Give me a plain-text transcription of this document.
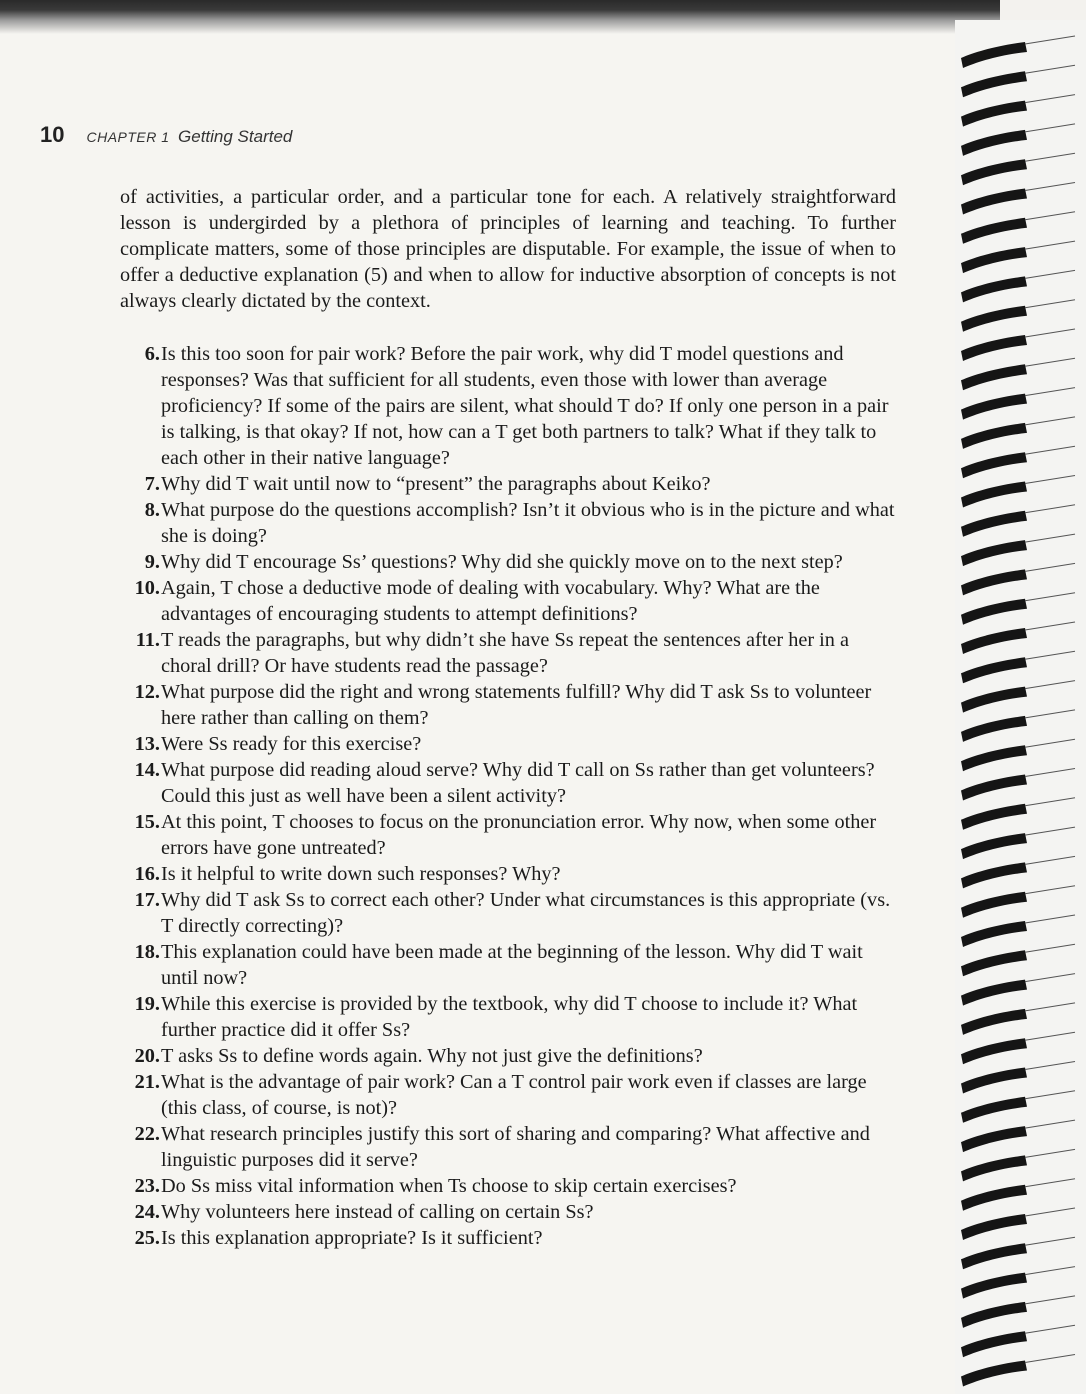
10 CHAPTER 1 Getting Started

of activities, a particular order, and a particular tone for each. A relatively straightforward lesson is undergirded by a plethora of principles of learning and teaching. To further complicate matters, some of those principles are disputable. For example, the issue of when to offer a deductive explanation (5) and when to allow for inductive absorption of concepts is not always clearly dictated by the context.

6. Is this too soon for pair work? Before the pair work, why did T model questions and responses? Was that sufficient for all students, even those with lower than average proficiency? If some of the pairs are silent, what should T do? If only one person in a pair is talking, is that okay? If not, how can a T get both partners to talk? What if they talk to each other in their native language?
7. Why did T wait until now to “present” the paragraphs about Keiko?
8. What purpose do the questions accomplish? Isn’t it obvious who is in the picture and what she is doing?
9. Why did T encourage Ss’ questions? Why did she quickly move on to the next step?
10. Again, T chose a deductive mode of dealing with vocabulary. Why? What are the advantages of encouraging students to attempt definitions?
11. T reads the paragraphs, but why didn’t she have Ss repeat the sentences after her in a choral drill? Or have students read the passage?
12. What purpose did the right and wrong statements fulfill? Why did T ask Ss to volunteer here rather than calling on them?
13. Were Ss ready for this exercise?
14. What purpose did reading aloud serve? Why did T call on Ss rather than get volunteers? Could this just as well have been a silent activity?
15. At this point, T chooses to focus on the pronunciation error. Why now, when some other errors have gone untreated?
16. Is it helpful to write down such responses? Why?
17. Why did T ask Ss to correct each other? Under what circumstances is this appropriate (vs. T directly correcting)?
18. This explanation could have been made at the beginning of the lesson. Why did T wait until now?
19. While this exercise is provided by the textbook, why did T choose to include it? What further practice did it offer Ss?
20. T asks Ss to define words again. Why not just give the definitions?
21. What is the advantage of pair work? Can a T control pair work even if classes are large (this class, of course, is not)?
22. What research principles justify this sort of sharing and comparing? What affective and linguistic purposes did it serve?
23. Do Ss miss vital information when Ts choose to skip certain exercises?
24. Why volunteers here instead of calling on certain Ss?
25. Is this explanation appropriate? Is it sufficient?
